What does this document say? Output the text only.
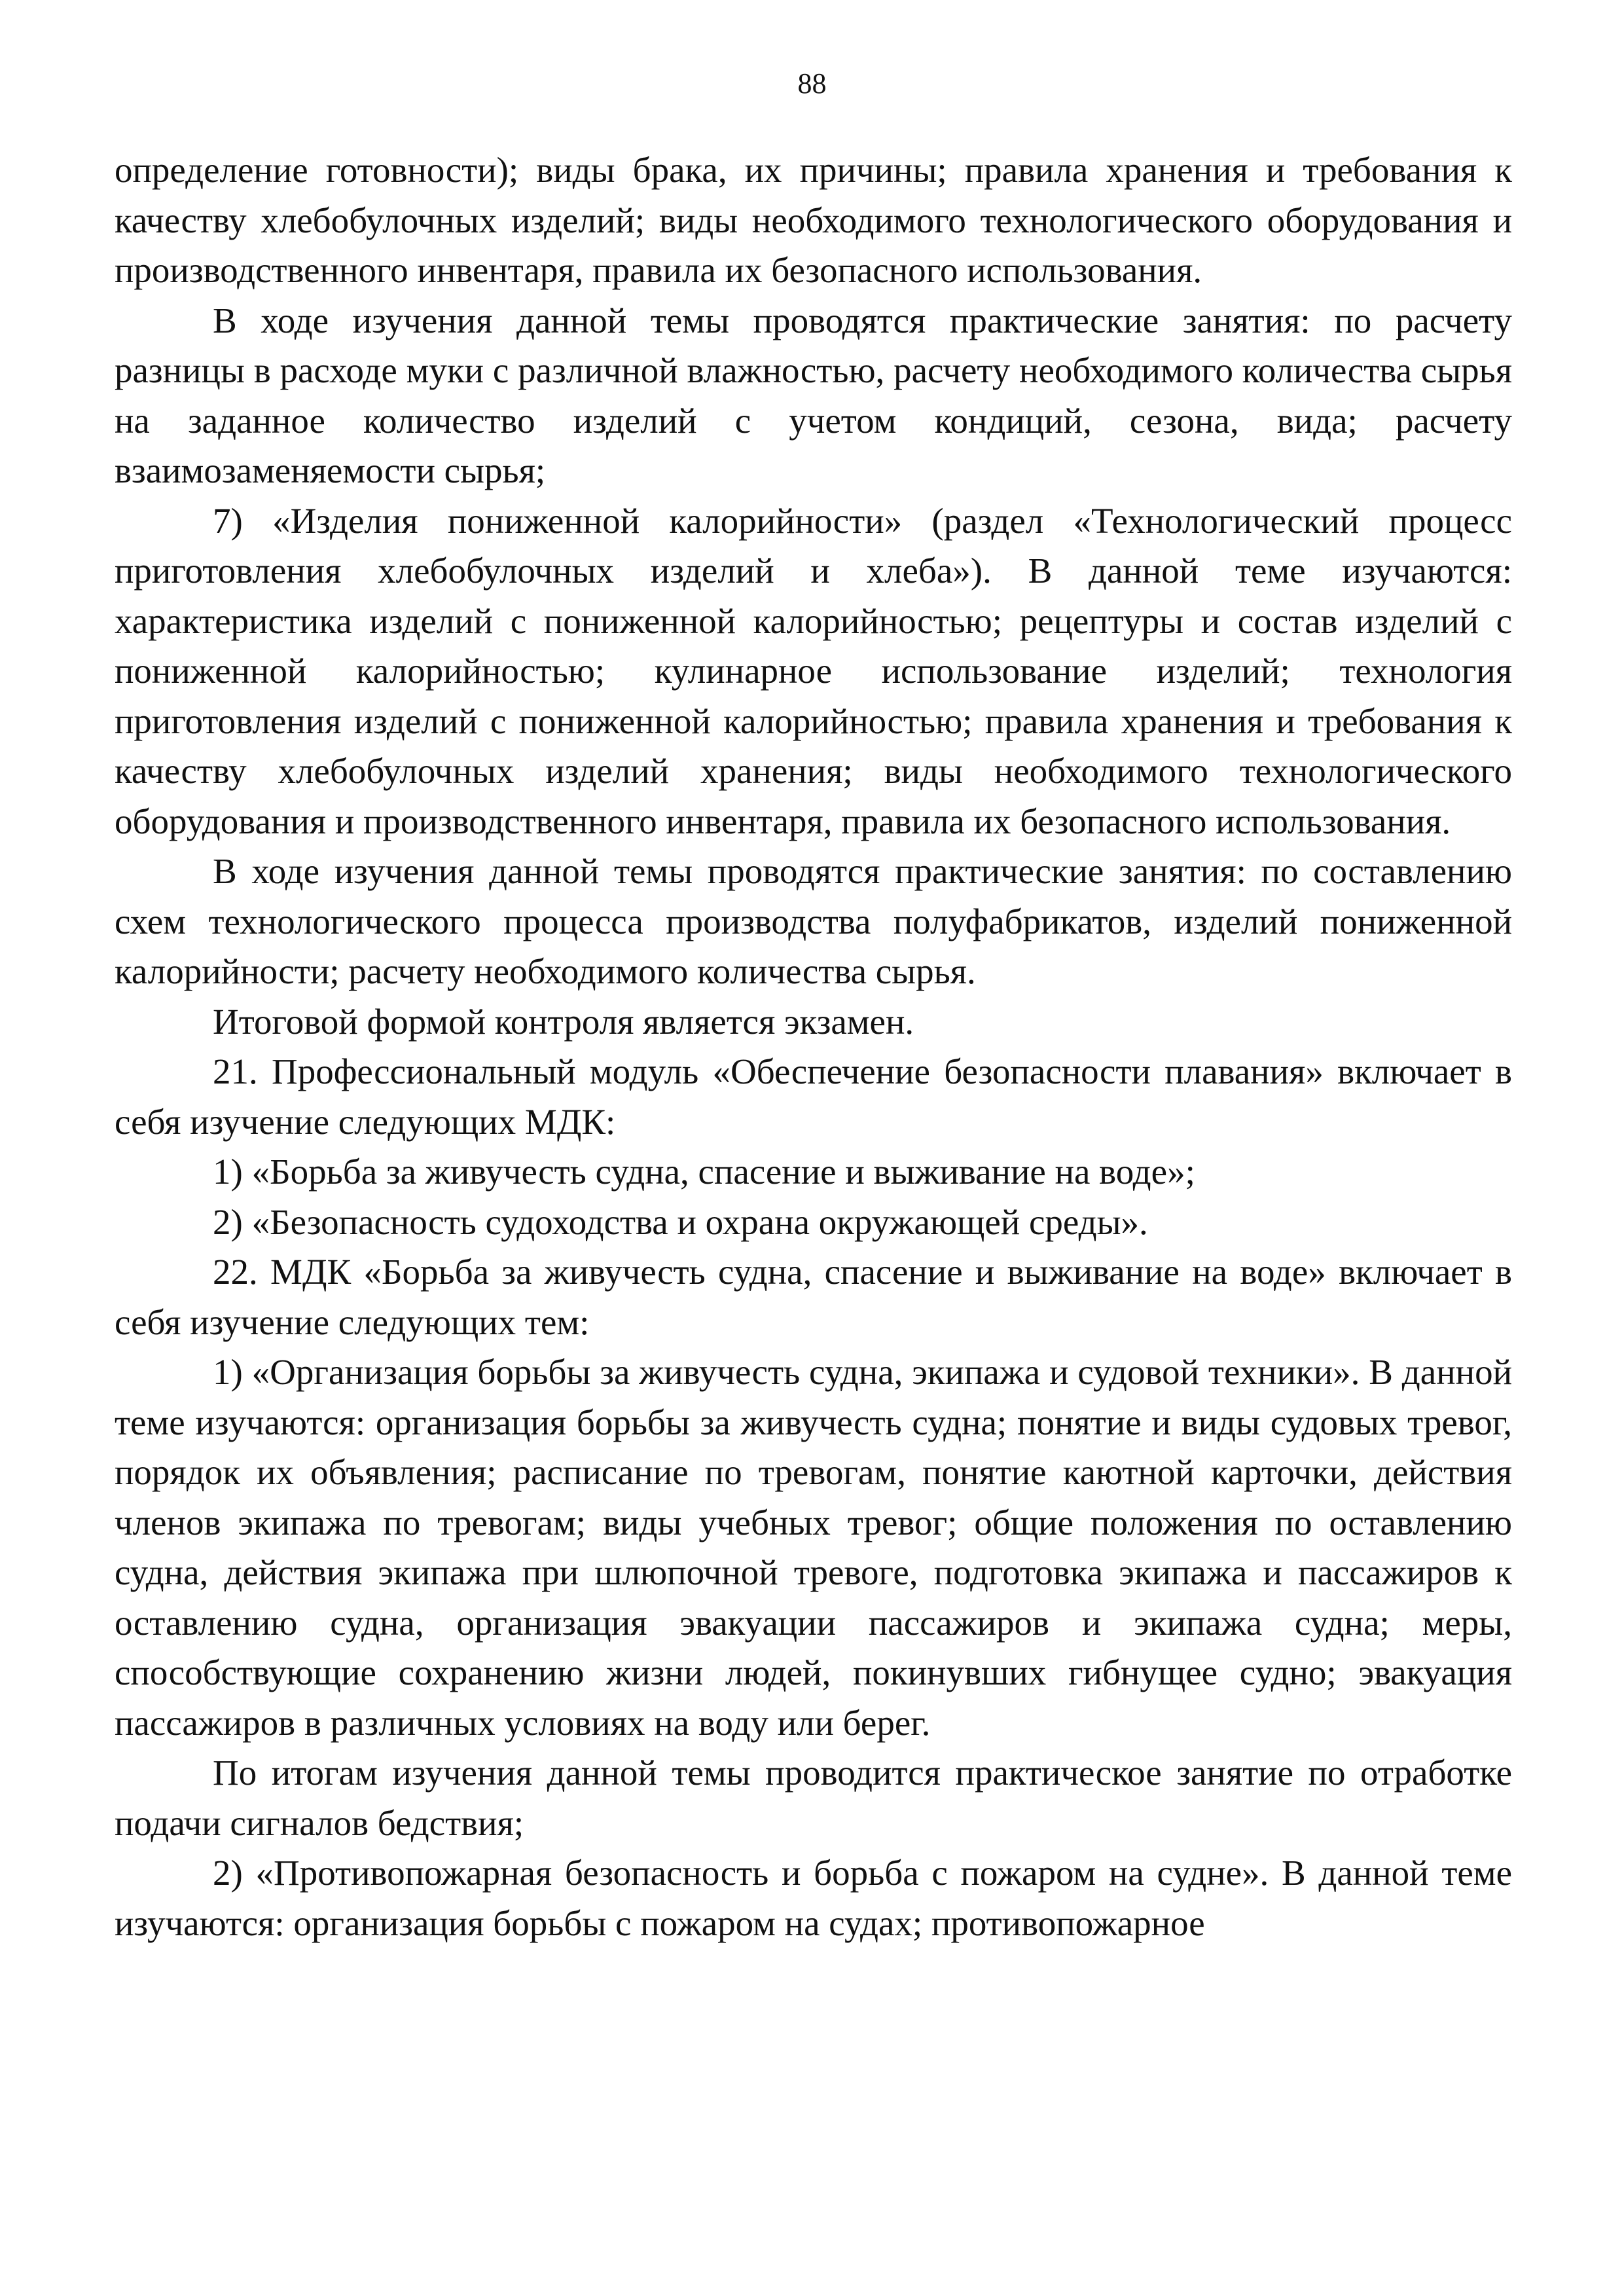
88

определение готовности); виды брака, их причины; правила хранения и требования к качеству хлебобулочных изделий; виды необходимого технологического оборудования и производственного инвентаря, правила их безопасного использования.

В ходе изучения данной темы проводятся практические занятия: по расчету разницы в расходе муки с различной влажностью, расчету необходимого количества сырья на заданное количество изделий с учетом кондиций, сезона, вида; расчету взаимозаменяемости сырья;

7) «Изделия пониженной калорийности» (раздел «Технологический процесс приготовления хлебобулочных изделий и хлеба»). В данной теме изучаются: характеристика изделий с пониженной калорийностью; рецептуры и состав изделий с пониженной калорийностью; кулинарное использование изделий; технология приготовления изделий с пониженной калорийностью; правила хранения и требования к качеству хлебобулочных изделий хранения; виды необходимого технологического оборудования и производственного инвентаря, правила их безопасного использования.

В ходе изучения данной темы проводятся практические занятия: по составлению схем технологического процесса производства полуфабрикатов, изделий пониженной калорийности; расчету необходимого количества сырья.

Итоговой формой контроля является экзамен.

21. Профессиональный модуль «Обеспечение безопасности плавания» включает в себя изучение следующих МДК:

1) «Борьба за живучесть судна, спасение и выживание на воде»;

2) «Безопасность судоходства и охрана окружающей среды».

22. МДК «Борьба за живучесть судна, спасение и выживание на воде» включает в себя изучение следующих тем:

1) «Организация борьбы за живучесть судна, экипажа и судовой техники». В данной теме изучаются: организация борьбы за живучесть судна; понятие и виды судовых тревог, порядок их объявления; расписание по тревогам, понятие каютной карточки, действия членов экипажа по тревогам; виды учебных тревог; общие положения по оставлению судна, действия экипажа при шлюпочной тревоге, подготовка экипажа и пассажиров к оставлению судна, организация эвакуации пассажиров и экипажа судна; меры, способствующие сохранению жизни людей, покинувших гибнущее судно; эвакуация пассажиров в различных условиях на воду или берег.

По итогам изучения данной темы проводится практическое занятие по отработке подачи сигналов бедствия;

2) «Противопожарная безопасность и борьба с пожаром на судне». В данной теме изучаются: организация борьбы с пожаром на судах; противопожарное
